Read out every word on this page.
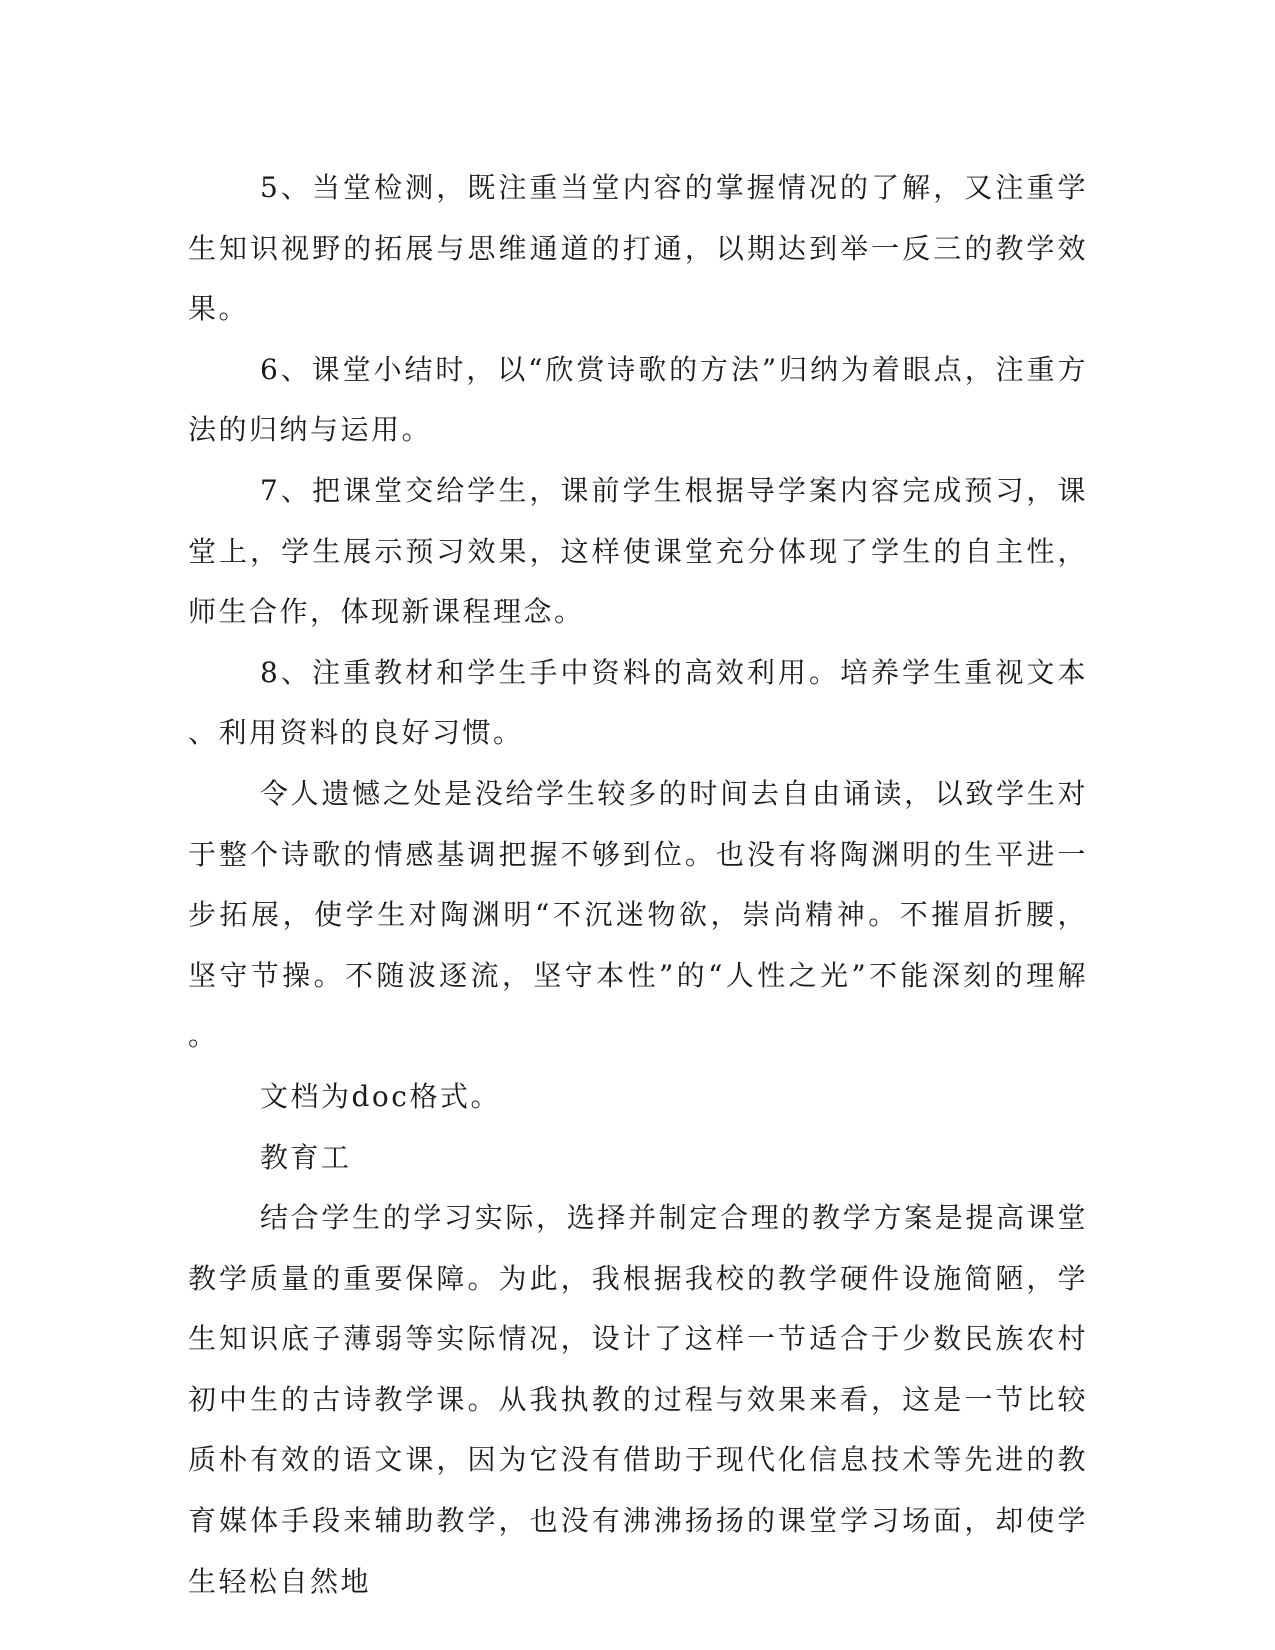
5、当堂检测，既注重当堂内容的掌握情况的了解，又注重学生知识视野的拓展与思维通道的打通，以期达到举一反三的教学效果。

6、课堂小结时，以“欣赏诗歌的方法”归纳为着眼点，注重方法的归纳与运用。

7、把课堂交给学生，课前学生根据导学案内容完成预习，课堂上，学生展示预习效果，这样使课堂充分体现了学生的自主性，师生合作，体现新课程理念。

8、注重教材和学生手中资料的高效利用。培养学生重视文本、利用资料的良好习惯。

令人遗憾之处是没给学生较多的时间去自由诵读，以致学生对于整个诗歌的情感基调把握不够到位。也没有将陶渊明的生平进一步拓展，使学生对陶渊明“不沉迷物欲，崇尚精神。不摧眉折腰，坚守节操。不随波逐流，坚守本性”的“人性之光”不能深刻的理解。

文档为doc格式。

教育工

结合学生的学习实际，选择并制定合理的教学方案是提高课堂教学质量的重要保障。为此，我根据我校的教学硬件设施简陋，学生知识底子薄弱等实际情况，设计了这样一节适合于少数民族农村初中生的古诗教学课。从我执教的过程与效果来看，这是一节比较质朴有效的语文课，因为它没有借助于现代化信息技术等先进的教育媒体手段来辅助教学，也没有沸沸扬扬的课堂学习场面，却使学生轻松自然地
